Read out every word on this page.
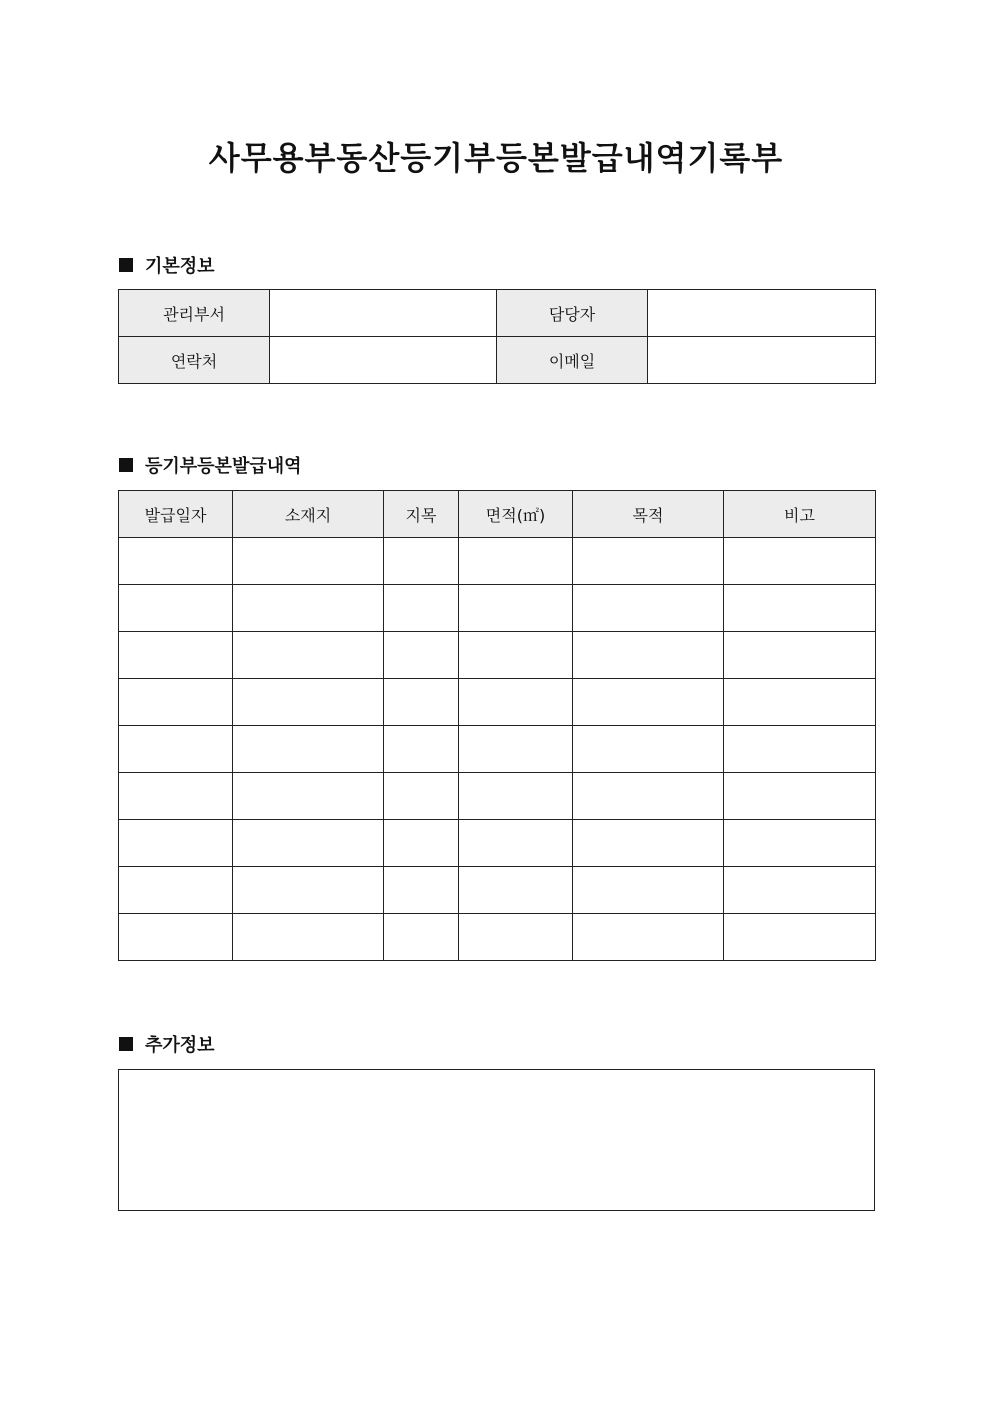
사무용부동산등기부등본발급내역기록부
기본정보
관리부서		담당자	
연락처		이메일	
등기부등본발급내역
발급일자	소재지	지목	면적(㎡)	목적	비고

추가정보
